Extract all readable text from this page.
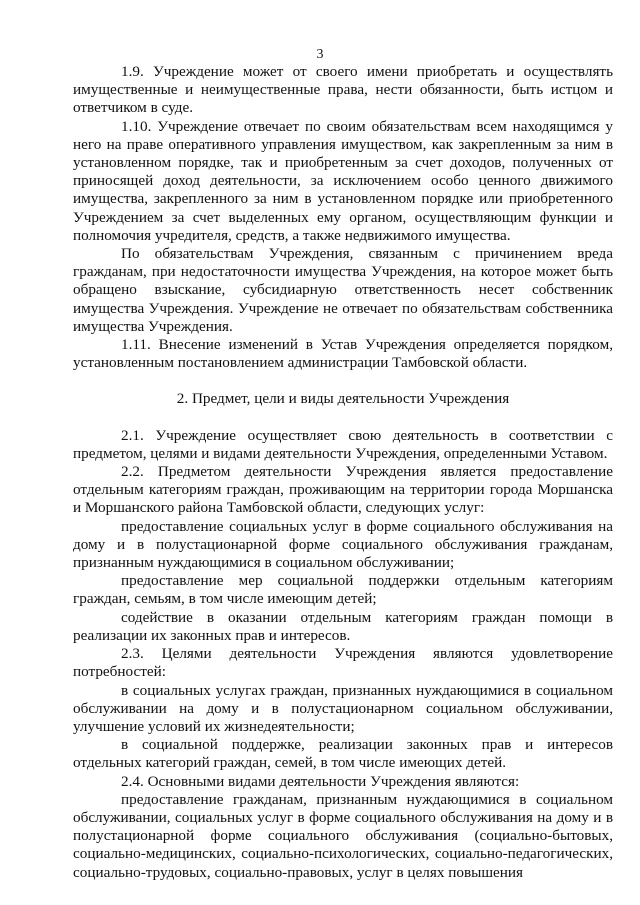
3

1.9. Учреждение может от своего имени приобретать и осуществлять имущественные и неимущественные права, нести обязанности, быть истцом и ответчиком в суде.

1.10. Учреждение отвечает по своим обязательствам всем находящимся у него на праве оперативного управления имуществом, как закрепленным за ним в установленном порядке, так и приобретенным за счет доходов, полученных от приносящей доход деятельности, за исключением особо ценного движимого имущества, закрепленного за ним в установленном порядке или приобретенного Учреждением за счет выделенных ему органом, осуществляющим функции и полномочия учредителя, средств, а также недвижимого имущества.

По обязательствам Учреждения, связанным с причинением вреда гражданам, при недостаточности имущества Учреждения, на которое может быть обращено взыскание, субсидиарную ответственность несет собственник имущества Учреждения. Учреждение не отвечает по обязательствам собственника имущества Учреждения.

1.11. Внесение изменений в Устав Учреждения определяется порядком, установленным постановлением администрации Тамбовской области.

2. Предмет, цели и виды деятельности Учреждения

2.1. Учреждение осуществляет свою деятельность в соответствии с предметом, целями и видами деятельности Учреждения, определенными Уставом.

2.2. Предметом деятельности Учреждения является предоставление отдельным категориям граждан, проживающим на территории города Моршанска и Моршанского района Тамбовской области, следующих услуг:

предоставление социальных услуг в форме социального обслуживания на дому и в полустационарной форме социального обслуживания гражданам, признанным нуждающимися в социальном обслуживании;

предоставление мер социальной поддержки отдельным категориям граждан, семьям, в том числе имеющим детей;

содействие в оказании отдельным категориям граждан помощи в реализации их законных прав и интересов.

2.3. Целями деятельности Учреждения являются удовлетворение потребностей:

в социальных услугах граждан, признанных нуждающимися в социальном обслуживании на дому и в полустационарном социальном обслуживании, улучшение условий их жизнедеятельности;

в социальной поддержке, реализации законных прав и интересов отдельных категорий граждан, семей, в том числе имеющих детей.

2.4. Основными видами деятельности Учреждения являются:

предоставление гражданам, признанным нуждающимися в социальном обслуживании, социальных услуг в форме социального обслуживания на дому и в полустационарной форме социального обслуживания (социально-бытовых, социально-медицинских, социально-психологических, социально-педагогических, социально-трудовых, социально-правовых, услуг в целях повышения
